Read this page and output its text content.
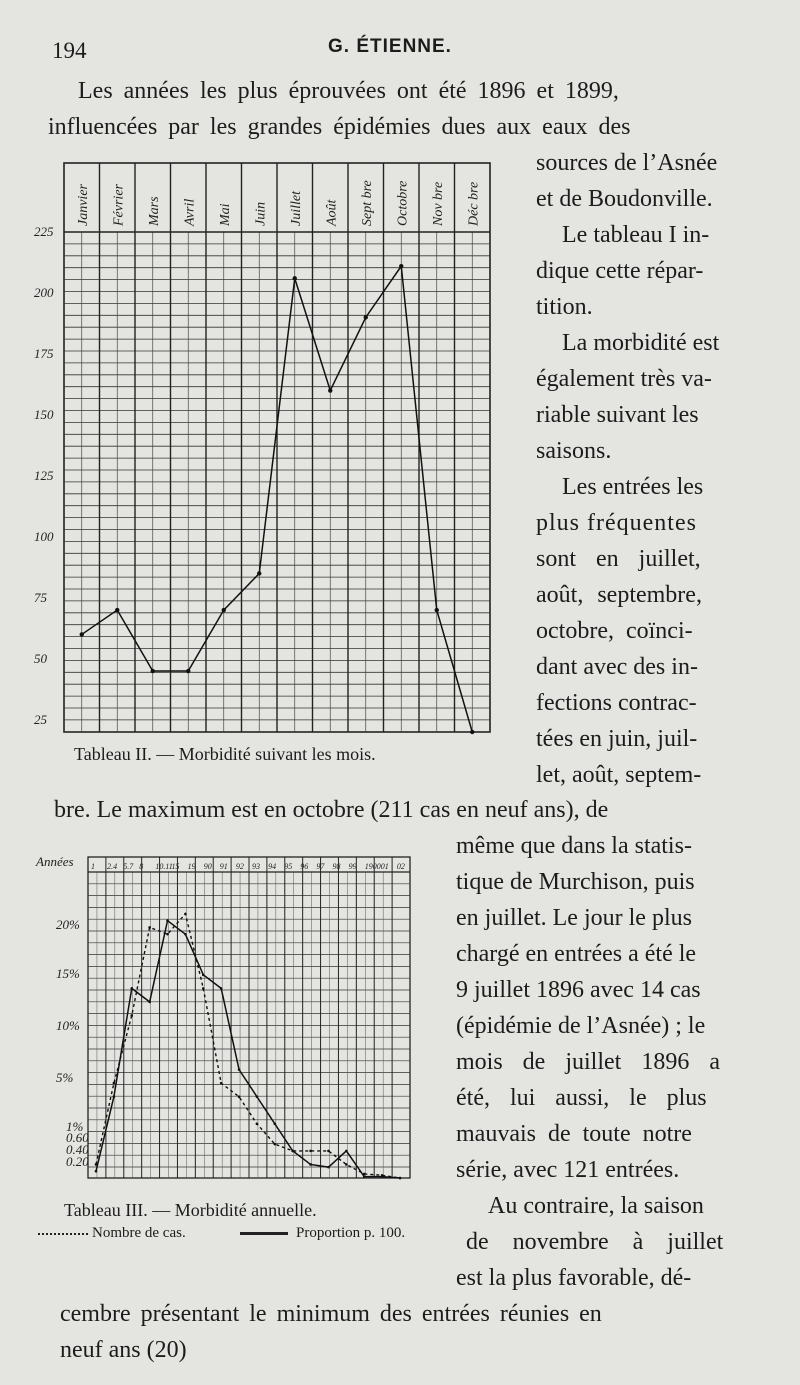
194	G. ÉTIENNE.
Les années les plus éprouvées ont été 1896 et 1899,
influencées par les grandes épidémies dues aux eaux des
sources de l’Asnée
et de Boudonville.
Le tableau I in-
dique cette répar-
tition.
La morbidité est
également très va-
riable suivant les
saisons.
Les entrées les
plus fréquentes
sont en juillet,
août, septembre,
octobre, coïnci-
dant avec des in-
fections contrac-
tées en juin, juil-
let, août, septem-
bre. Le maximum est en octobre (211 cas en neuf ans), de
même que dans la statis-
tique de Murchison, puis
en juillet. Le jour le plus
chargé en entrées a été le
9 juillet 1896 avec 14 cas
(épidémie de l’Asnée) ; le
mois de juillet 1896 a
été, lui aussi, le plus
mauvais de toute notre
série, avec 121 entrées.
Au contraire, la saison
de novembre à juillet
est la plus favorable, dé-
cembre présentant le minimum des entrées réunies en
neuf ans (20)
Janvier Février Mars Avril Mai Juin Juillet Août Sept bre Octobre Nov bre Déc bre
225
200
175
150
125
100
75
50
25
Années 1 2.4 5.7 8 10.11
15 19 90 91 92 93 94 95 96 97 98 99 1900 01 02
20%
15%
10%
5%
1%
0.60
0.40
0.20
Tableau II. — Morbidité suivant les mois.
Tableau III. — Morbidité annuelle.
Nombre de cas.	Proportion p. 100.
